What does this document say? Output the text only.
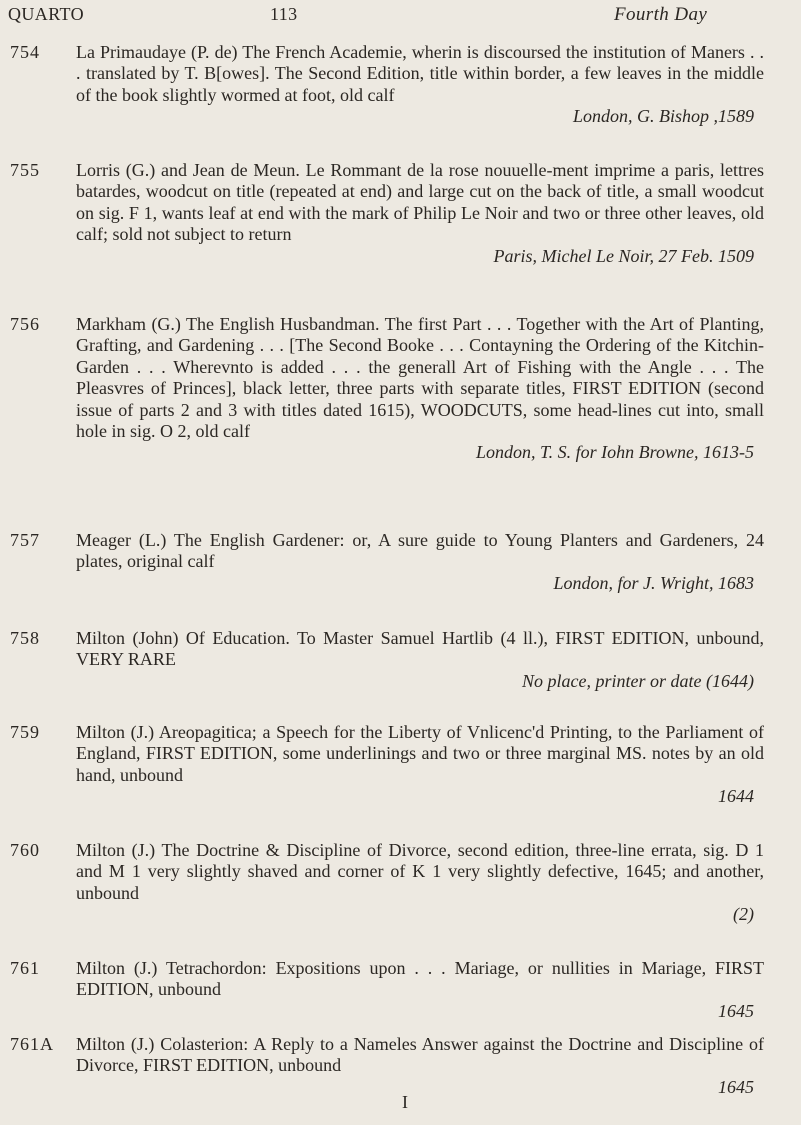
QUARTO	113	Fourth Day
754 La Primaudaye (P. de) The French Academie, wherin is discoursed the institution of Maners . . . translated by T. B[owes]. The Second Edition, title within border, a few leaves in the middle of the book slightly wormed at foot, old calf
London, G. Bishop ,1589
755 Lorris (G.) and Jean de Meun. Le Rommant de la rose nouuelle-ment imprime a paris, lettres batardes, woodcut on title (repeated at end) and large cut on the back of title, a small woodcut on sig. F 1, wants leaf at end with the mark of Philip Le Noir and two or three other leaves, old calf; sold not subject to return
Paris, Michel Le Noir, 27 Feb. 1509
756 Markham (G.) The English Husbandman. The first Part . . . Together with the Art of Planting, Grafting, and Gardening . . . [The Second Booke . . . Contayning the Ordering of the Kitchin-Garden . . . Wherevnto is added . . . the generall Art of Fishing with the Angle . . . The Pleasvres of Princes], black letter, three parts with separate titles, FIRST EDITION (second issue of parts 2 and 3 with titles dated 1615), WOODCUTS, some head-lines cut into, small hole in sig. O 2, old calf
London, T. S. for Iohn Browne, 1613-5
757 Meager (L.) The English Gardener: or, A sure guide to Young Planters and Gardeners, 24 plates, original calf
London, for J. Wright, 1683
758 Milton (John) Of Education. To Master Samuel Hartlib (4 ll.), FIRST EDITION, unbound, VERY RARE
No place, printer or date (1644)
759 Milton (J.) Areopagitica; a Speech for the Liberty of Vnlicenc'd Printing, to the Parliament of England, FIRST EDITION, some underlinings and two or three marginal MS. notes by an old hand, unbound
1644
760 Milton (J.) The Doctrine & Discipline of Divorce, second edition, three-line errata, sig. D 1 and M 1 very slightly shaved and corner of K 1 very slightly defective, 1645; and another, unbound
(2)
761 Milton (J.) Tetrachordon: Expositions upon . . . Mariage, or nullities in Mariage, FIRST EDITION, unbound
1645
761A Milton (J.) Colasterion: A Reply to a Nameles Answer against the Doctrine and Discipline of Divorce, FIRST EDITION, unbound
1645
I
